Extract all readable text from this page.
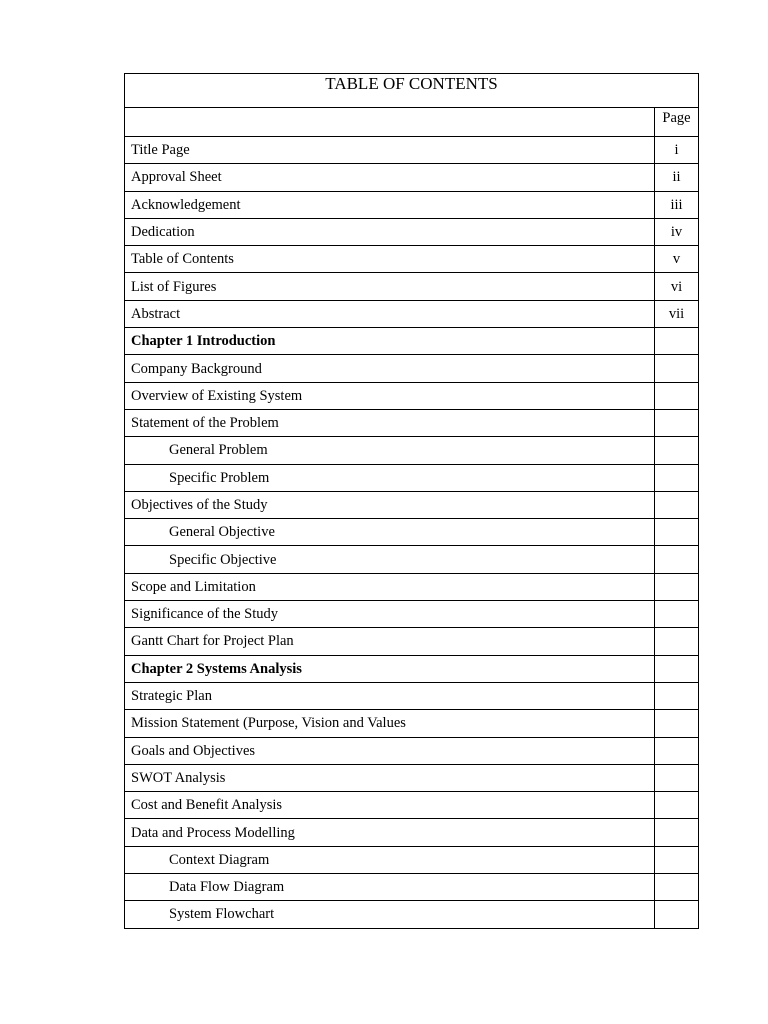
TABLE OF CONTENTS	
	Page
Title Page	i
Approval Sheet	ii
Acknowledgement	iii
Dedication	iv
Table of Contents	v
List of Figures	vi
Abstract	vii
Chapter 1 Introduction	
Company Background	
Overview of Existing System	
Statement of the Problem	
General Problem	
Specific Problem	
Objectives of the Study	
General Objective	
Specific Objective	
Scope and Limitation	
Significance of the Study	
Gantt Chart for Project Plan	
Chapter 2 Systems Analysis	
Strategic Plan	
Mission Statement (Purpose, Vision and Values	
Goals and Objectives	
SWOT Analysis	
Cost and Benefit Analysis	
Data and Process Modelling	
Context Diagram	
Data Flow Diagram	
System Flowchart	
